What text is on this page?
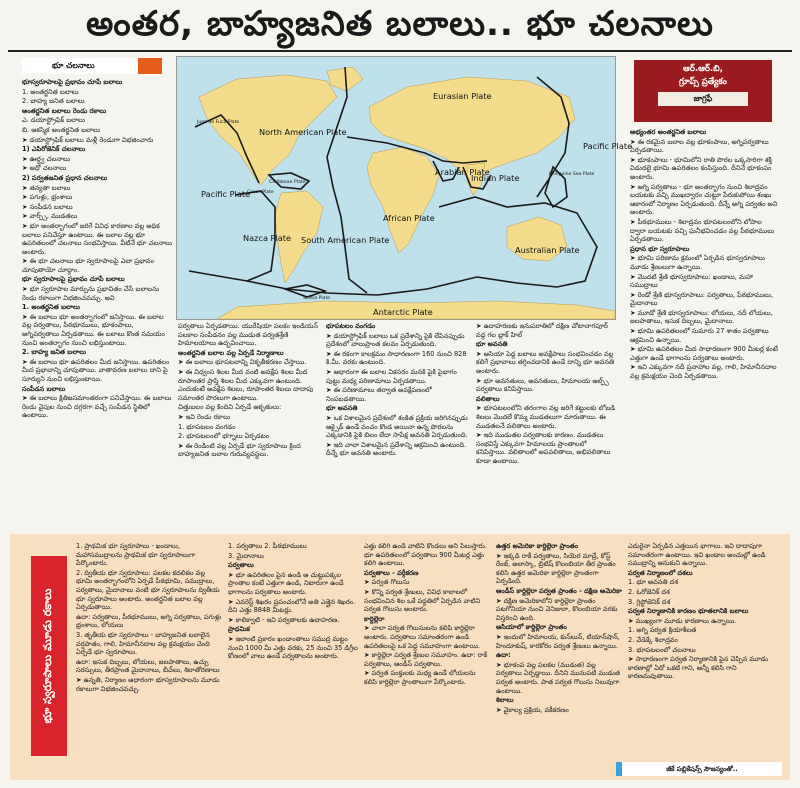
అంతర, బాహ్యజనిత బలాలు.. భూ చలనాలు
భూ చలనాలు
North American Plate
Eurasian Plate
Pacific Plate
Pacific Plate
Arabian Plate
Indian Plate	Philippine Sea Plate
African Plate
Nazca Plate South American Plate
Australian Plate
Antarctic Plate
Scotia Plate
Cocos Plate
Caribbean Plate
Juan de Fuca Plate
ఆర్.ఆర్.బి,
గ్రూప్స్ ప్రత్యేకం
జాగ్రఫీ

భూస్వరూపాలపై ప్రభావం చూపే బలాలు

1. అంతర్జనిత బలాలు

2. బాహ్య జనిత బలాలు

అంతర్జనిత బలాలు రెండు రకాలు

ఎ. డయాస్ట్రోఫిక్ బలాలు

బి. ఆకస్మిక అంతర్జనిత బలాలు

➤ డయాస్ట్రోఫిక్ బలాలు మళ్లీ రెండుగా విభజించారు

1) ఎపిరోజెనిక్ చలనాలు

➤ ఊర్ధ్వ చలనాలు

➤ అధో చలనాలు

2) పర్వతజనిత ప్రధాన చలనాలు

➤ తన్యతా బలాలు

➤ పగుళ్లు, భ్రంశాలు

➤ సంపీడన బలాలు

➤ వార్ప్స్, ముడతలు

➤ భూ అంతర్భాగంలో జరిగే వివిధ కారణాల వల్ల అధిక బలాలు పనిచేస్తూ ఉంటాయి. ఈ బలాల వల్ల భూ ఉపరితలంలో చలనాలు సంభవిస్తాయి. వీటినే భూ చలనాలు అంటారు.

➤ ఈ భూ చలనాలు భూ స్వరూపాలపై ఎలా ప్రభావం చూపుతాయో చూద్దాం.

భూ స్వరూపాలపై ప్రభావం చూపే బలాలు

➤ భూ స్వరూపాల మార్పును ప్రభావితం చేసే బలాలను రెండు రకాలుగా విభజించవచ్చు. అవి

1. అంతర్జనిత బలాలు

➤ ఈ బలాలు భూ అంతర్భాగంలో జనిస్తాయి. ఈ బలాల వల్ల పర్వతాలు, పీఠభూములు, భూకంపాలు, అగ్నిపర్వతాలు ఏర్పడతాయి. ఈ బలాలు కొంత సమయం నుంచి అంతర్భాగం నుంచి లభిస్తుంటాయి.

2. బాహ్య జనిత బలాలు

➤ ఈ బలాలు భూ ఉపరితలం మీద జనిస్తాయి. ఉపరితలం మీద ప్రభావాన్ని చూపుతాయి. వాతావరణ బలాలు దాని పై సూర్యుని నుంచి లభిస్తుంటాయి.

సంపీడన బలాలు

➤ ఈ బలాలు క్షితిజసమాంతరంగా పనిచేస్తాయి. ఈ బలాలు రెండు వైపుల నుంచి దగ్గరగా వచ్చే సంపీడన స్థితిలో ఉంటాయి.

పర్వతాలు ఏర్పడతాయి. యురేషియా పలకం ఇండియన్ పలకాల సంపీడనం వల్ల ముడుత పర్వతశ్రేణి హిమాలయాలు ఉద్భవించాయి.

అంతర్జనిత బలాల వల్ల ఏర్పడే నిర్మాణాలు

➤ ఈ బలాలు భూపటలాన్ని వికృతీకరణం చేస్తాయి.

➤ ఈ విధ్వంస శిలల మీద వంటి అవక్షేప శిలల మీద రూపాంతర ప్రాప్తి శిలల మీద ఎక్కువగా ఉంటుంది. ఎందుకంటే అవక్షేప శిలలు, రూపాంతర శిలలు దాదాపు సమాంతర పొరలుగా ఉంటాయి.

చిత్తుబలం వల్ల కిందివి ఏర్పడే ఆకృతులు:

➤ ఇవి రెండు రకాలు

1. భూపటలం వంగడం

2. భూపటలంలో భగ్నాలు ఏర్పడటం

➤ ఈ రెండింటి వల్ల ఏర్పడే భూ స్వరూపాలు క్రింద బాహ్యజనిత బలాల గురువ్యవస్థలు.

భూపటలం వంగడం

➤ డయాస్ట్రోఫిక్ బలాలు ఒక ప్రదేశాన్ని పైకి లేపినప్పుడు ప్రదేశంలో వాలుప్రాంత కలవం ఏర్పడుతుంది.

➤ ఈ రకంగా కాలక్రమం సాధారణంగా 160 నుంచి 828 కి.మీ. వరకు ఉంటుంది.

➤ ఆధారంగా ఈ బలాల వికసరం మనకి పైకి పైభాగం పుట్టు మధ్య పరిణామాలు ఏర్పడతాయి.

➤ ఈ పరిణామాలు తర్వాత అవక్షేపణంలో నింపబడతాయి.

భూ అవనతి

➤ ఒక విశాలమైన ప్రదేశంలో శంకిత ప్రక్రియ జరిగినప్పుడు ఆక్సైడ్ ఉండే వంచం కొండ అయినా ఉన్న పొరలను ఎక్కడానికి పైకి బిలం లేదా సాపేక్ష అవనతి ఏర్పడుతుంది.

➤ ఇది చాలా విశాలమైన ప్రదేశాన్ని ఆక్రమించి ఉంటుంది. దీన్నే భూ అవనతి అంటారు.

➤ ఉదాహరణకు ఇనుపరాతిలో దక్షిణ చోటానాగపూర్ వద్ద గల బ్లాక్ హిల్

భూ అవనతి

➤ ఆసియా పెద్ద బలాలు అవక్షేపాలు సంభవించడం వల్ల కలిగే ప్రభావాలు తగ్గించడానికి ఉండే దాన్ని భూ అవనతి అంటారు.

➤ భూ అవనతులు, అవనతులు, హిమాలయ ఆల్ప్స్ పర్వతాలు కనిపిస్తాయి.

వలితాలు

➤ భూపటలంలోని తరంగాల వల్ల జరిగే కట్టులకు లోబడి శిలలు మొదలే కొమ్మ ముడతలుగా మారుతాయి. ఈ ముడతలనే వలితాలు అంటారు.

➤ ఇది ముడుతల పర్వతాలకు కారణం. ముడతలు సంభవిస్తే ఎక్కువగా హిమాలయ ప్రాంతాలలో కనిపిస్తాయి. వలితాలలో అపవలితాలు, అభివలితాలు కూడా ఉంటాయి.

అభ్యంతర అంతర్జనిత బలాలు

➤ ఈ రకమైన బలాల వల్ల భూకంపాలు, అగ్నిపర్వతాలు ఏర్పడతాయి.

➤ భూకంపాలు - భూమిలోని రాతి పొరల ఒక్కసారిగా శక్తి విడుదలై భూమి ఉపరితలం కంపిస్తుంది. దీనినే భూకంపం అంటారు.

➤ అగ్ని పర్వతాలు - భూ అంతర్భాగం నుంచి శిలాద్రవం బయటకు వచ్చి ముఖద్వారం చుట్టూ పేరుకుపోయి శంఖు ఆకారంలో నిర్మాణం ఏర్పడుతుంది. దీన్నే అగ్ని పర్వతం అని అంటారు.

➤ పీఠభూములు - శిలాద్రవం భూపటలంలోని లోపాల ద్వారా బయటకు వచ్చి ఘనీభవించడం వల్ల పీఠభూములు ఏర్పడతాయి.

ప్రధాన భూ స్వరూపాలు

➤ భూమి పరిణామ క్రమంలో ఏర్పడిన భూస్వరూపాలు మూడు శ్రేణులుగా ఉన్నాయి.

➤ మొదటి శ్రేణి భూస్వరూపాలు: ఖండాలు, మహా సముద్రాలు

➤ రెండో శ్రేణి భూస్వరూపాలు: పర్వతాలు, పీఠభూములు, మైదానాలు

➤ మూడో శ్రేణి భూస్వరూపాలు: లోయలు, నదీ లోయలు, జలపాతాలు, ఇసుక దిబ్బలు, మైదానాలు.

➤ భూమి ఉపరితలంలో సుమారు 27 శాతం పర్వతాలు ఆక్రమించి ఉన్నాయి.

➤ భూమి ఉపరితలం మీద సాధారణంగా 900 మీటర్ల కంటే ఎత్తుగా ఉండే భాగాలను పర్వతాలు అంటారు.

➤ ఇవి ఎక్కువగా నదీ ప్రవాహాల వల్ల, గాలి, హిమానీనదాల వల్ల క్రమక్షయం చెంది ఏర్పడతాయి.

భూ స్వరూపాలు మూడు రకాలు

1. ప్రాథమిక భూ స్వరూపాలు - ఖండాలు, మహాసముద్రాలను ప్రాథమిక భూ స్వరూపాలుగా పేర్కొంటారు.

2. ద్వితీయ భూ స్వరూపాలు: పలకల కదలికల వల్ల భూమి అంతర్భాగంలోని ఏర్పడే పీఠభూమి, సముద్రాలు, పర్వతాలు, మైదానాలు వంటి భూ స్వరూపాలను ద్వితీయ భూ స్వరూపాలు అంటారు. అంతర్జనిత బలాల వల్ల ఏర్పడుతాయి.

ఉదా: పర్వతాలు, పీఠభూములు, అగ్ని పర్వతాలు, పగుళ్లు భ్రంశాలు, లోయలు

3. తృతీయ భూ స్వరూపాలు - బాహ్యజనిత బలాలైన వర్షపాతం, గాలి, హిమానీనదాల వల్ల క్రమక్షయం చెంది ఏర్పడే భూ స్వరూపాలు.

ఉదా: ఇసుక దిబ్బలు, లోయలు, జలపాతాలు, ఉచ్చు సరస్సులు, తీరప్రాంత మైదానాలు, బీచ్‌లు, శిలాతోరణాలు

➤ ఉన్నతి, నిర్మాణం ఆధారంగా భూస్వరూపాలను మూడు రకాలుగా విభజించవచ్చు.

1. పర్వతాలు 2. పీఠభూములు

3. మైదానాలు

పర్వతాలు

➤ భూ ఉపరితలం పైన ఉండి ఆ చుట్టుపక్కల ప్రాంతాల కంటే ఎత్తుగా ఉండి, నిటారుగా ఉండే భాగాలను పర్వతాలు అంటారు.

➤ ఎవరెస్ట్ శిఖరం ప్రపంచంలోనే అతి ఎత్తైన శిఖరం. దీని ఎత్తు 8848 మీటర్లు.

➤ కాలిక్వాటి - ఇవి పర్వతాలకు ఉదాహరణ.

ప్రాధమిక

➤ ఇలాంటి ప్రకారం ఖండాంతాలు సముద్ర మట్టం నుంచి 1000 మీ ఎత్తు వరకు, 25 నుంచి 35 డిగ్రీల కోణంలో వాలు ఉండే పర్వతాలను అంటారు.

ఎత్తు కలిగి ఉండి వాటిని కొండలు అని పిలుస్తారు. భూ ఉపరితలంలో పర్వతాలు 900 మీటర్ల ఎత్తు కలిగి ఉంటాయి.

పర్వతాలు - వర్గీకరణ

➤ పర్వత గొలుసు

➤ కొన్ని పర్వత శ్రేణులు, వివిధ కాలాలలో సంభవించిన శిల ఒకే పద్దతిలో ఏర్పడిన వాటిని పర్వత గొలుసు అంటారు.

కార్డిల్లెరా

➤ చాలా పర్వత గొలుసులను కలిపి కార్డిల్లెరా అంటారు. పర్వతాలు సమాంతరంగా ఉండి ఉపరితలంపై ఒక పెద్ద సమూహంగా ఉంటాయి.

➤ కార్డిల్లెరా పర్వత శ్రేణుల సమూహం. ఉదా: రాకీ పర్వతాలు, ఆండీస్ పర్వతాలు.

➤ పర్వత పంక్తులకు మధ్య ఉండే లోయలను కలిపి కార్డిల్లెరా ప్రాంతాలుగా పేర్కొంటారు.

ఉత్తర అమెరికా కార్డిల్లెరా ప్రాంతం

➤ ఇక్కడి రాకీ పర్వతాలు, సియెర మాడ్రే, కోస్ట్ రేంజ్, అలాస్కా, బ్రిటిష్ కొలంబియా తీర ప్రాంతం కలిసి ఉత్తర అమెరికా కార్డిల్లెరా ప్రాంతంగా ఏర్పడింది.

ఆండీస్ కార్డిల్లెరా పర్వత ప్రాంతం - దక్షిణ అమెరికా

➤ దక్షిణ అమెరికాలోని కార్డిల్లెరా ప్రాంతం పటగోనియా నుంచి వెనిజులా, కొలంబియా వరకు విస్తరించి ఉంది.

ఆసియాలో కార్డిల్లెరా ప్రాంతం

➤ ఇందులో హిమాలయ, కున్‌లున్, టియాన్‌షాన్, హిందూకుష్, కారకోరం పర్వత శ్రేణులు ఉన్నాయి.

ఉదా:

➤ భూకంప వల్ల పలకల (ముడుత) వల్ల పర్వతాలు ఏర్పడ్డాయి. దీనిని మునుపటి ముడుత పర్వత అంటారు. పాత పర్వత గొలుసు నిలువుగా ఉంటాయి.

శిలాలు

➤ వైకాల్య ప్రక్రియ, వకీకరణం

ఎదురైనా ఏర్పడిన ఎత్తయిన భాగాలు. ఇవి దాదాపుగా సమాంతరంగా ఉంటాయి. ఇవి ఖండాల అంచుల్లో ఉండి సముద్రాన్ని ఆనుకుని ఉన్నాయి.

పర్వత నిర్మాణంలో దశలు

1. భూ అవనతి దశ

2. ఓరోజెనిక్ దశ

3. గ్లిప్టోజెనిక్ దశ

పర్వత నిర్మాణానికి కారణం భూతలానికి బలాలు

➤ ముఖ్యంగా మూడు కారణాలు ఉన్నాయి.

1. అగ్ని పర్వత క్రియాశీలత

2. వేడెక్కే శిలాద్రవం

3. భూపటలంలో చలనాలు

➤ సాధారణంగా పర్వత నిర్మాణానికి పైన చెప్పిన మూడు కారణాల్లో ఏదో ఒకటి గాని, అన్నీ కలిసి గాని కారణమవుతాయి.

జీకే పబ్లికేషన్స్ సౌజన్యంతో..
